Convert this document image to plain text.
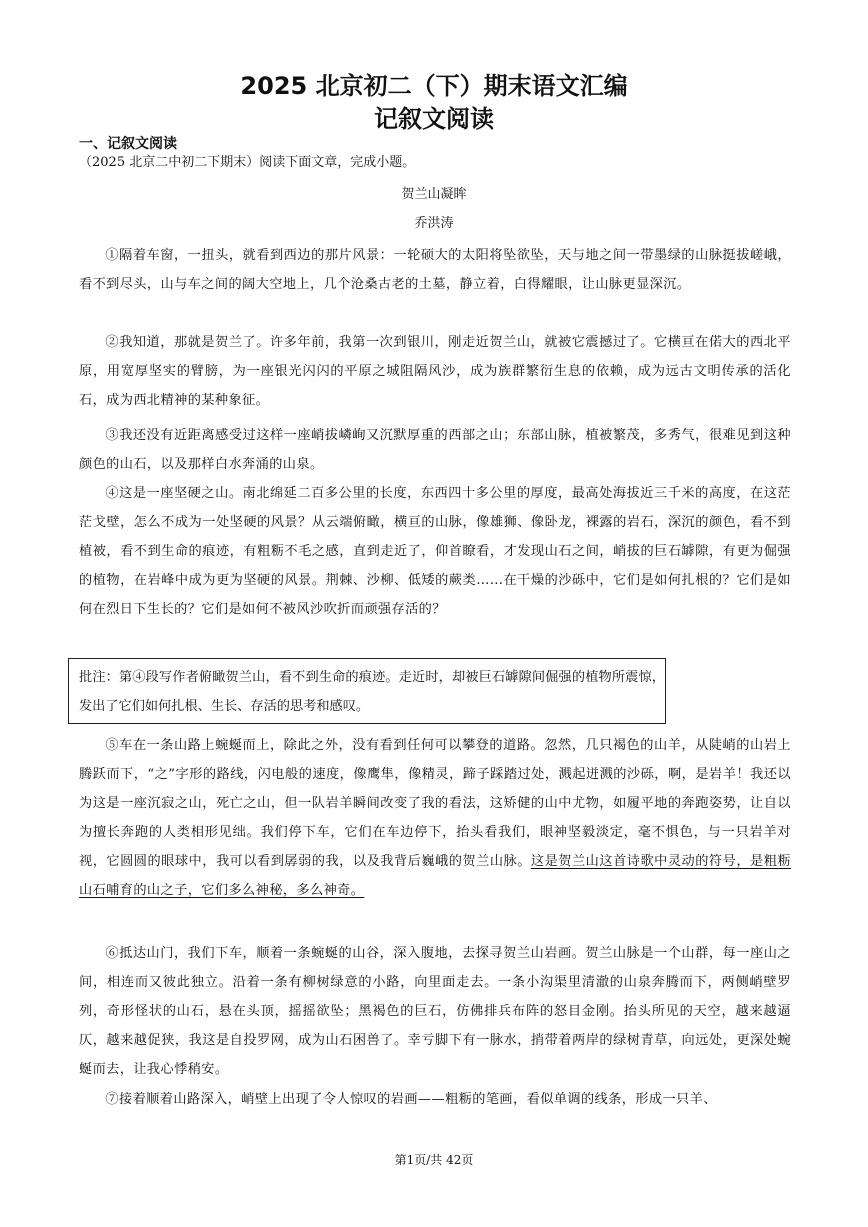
2025 北京初二（下）期末语文汇编
记叙文阅读
一、记叙文阅读
（2025 北京二中初二下期末）阅读下面文章，完成小题。
贺兰山凝眸
乔洪涛

①隔着车窗，一扭头，就看到西边的那片风景：一轮硕大的太阳将坠欲坠，天与地之间一带墨绿的山脉挺拔嵯峨，看不到尽头，山与车之间的阔大空地上，几个沧桑古老的土墓，静立着，白得耀眼，让山脉更显深沉。

②我知道，那就是贺兰了。许多年前，我第一次到银川，刚走近贺兰山，就被它震撼过了。它横亘在偌大的西北平原，用宽厚坚实的臂膀，为一座银光闪闪的平原之城阻隔风沙，成为族群繁衍生息的依赖，成为远古文明传承的活化石，成为西北精神的某种象征。

③我还没有近距离感受过这样一座峭拔嶙峋又沉默厚重的西部之山；东部山脉，植被繁茂，多秀气，很难见到这种颜色的山石，以及那样白水奔涌的山泉。

④这是一座坚硬之山。南北绵延二百多公里的长度，东西四十多公里的厚度，最高处海拔近三千米的高度，在这茫茫戈壁，怎么不成为一处坚硬的风景？从云端俯瞰，横亘的山脉，像雄狮、像卧龙，裸露的岩石，深沉的颜色，看不到植被，看不到生命的痕迹，有粗粝不毛之感，直到走近了，仰首瞭看，才发现山石之间，峭拔的巨石罅隙，有更为倔强的植物，在岩峰中成为更为坚硬的风景。荆棘、沙柳、低矮的蕨类……在干燥的沙砾中，它们是如何扎根的？它们是如何在烈日下生长的？它们是如何不被风沙吹折而顽强存活的？

批注：第④段写作者俯瞰贺兰山，看不到生命的痕迹。走近时，却被巨石罅隙间倔强的植物所震惊，发出了它们如何扎根、生长、存活的思考和感叹。

⑤车在一条山路上蜿蜒而上，除此之外，没有看到任何可以攀登的道路。忽然，几只褐色的山羊，从陡峭的山岩上腾跃而下，“之”字形的路线，闪电般的速度，像鹰隼，像精灵，蹄子踩踏过处，溅起迸溅的沙砾，啊，是岩羊！我还以为这是一座沉寂之山，死亡之山，但一队岩羊瞬间改变了我的看法，这矫健的山中尤物，如履平地的奔跑姿势，让自以为擅长奔跑的人类相形见绌。我们停下车，它们在车边停下，抬头看我们，眼神坚毅淡定，毫不惧色，与一只岩羊对视，它圆圆的眼球中，我可以看到孱弱的我，以及我背后巍峨的贺兰山脉。这是贺兰山这首诗歌中灵动的符号，是粗粝山石哺育的山之子，它们多么神秘，多么神奇。

⑥抵达山门，我们下车，顺着一条蜿蜒的山谷，深入腹地，去探寻贺兰山岩画。贺兰山脉是一个山群，每一座山之间，相连而又彼此独立。沿着一条有柳树绿意的小路，向里面走去。一条小沟渠里清澈的山泉奔腾而下，两侧峭壁罗列，奇形怪状的山石，悬在头顶，摇摇欲坠；黑褐色的巨石，仿佛排兵布阵的怒目金刚。抬头所见的天空，越来越逼仄，越来越促狭，我这是自投罗网，成为山石困兽了。幸亏脚下有一脉水，捎带着两岸的绿树青草，向远处，更深处蜿蜒而去，让我心悸稍安。

⑦接着顺着山路深入，峭壁上出现了令人惊叹的岩画——粗粝的笔画，看似单调的线条，形成一只羊、

第1页/共 42页
